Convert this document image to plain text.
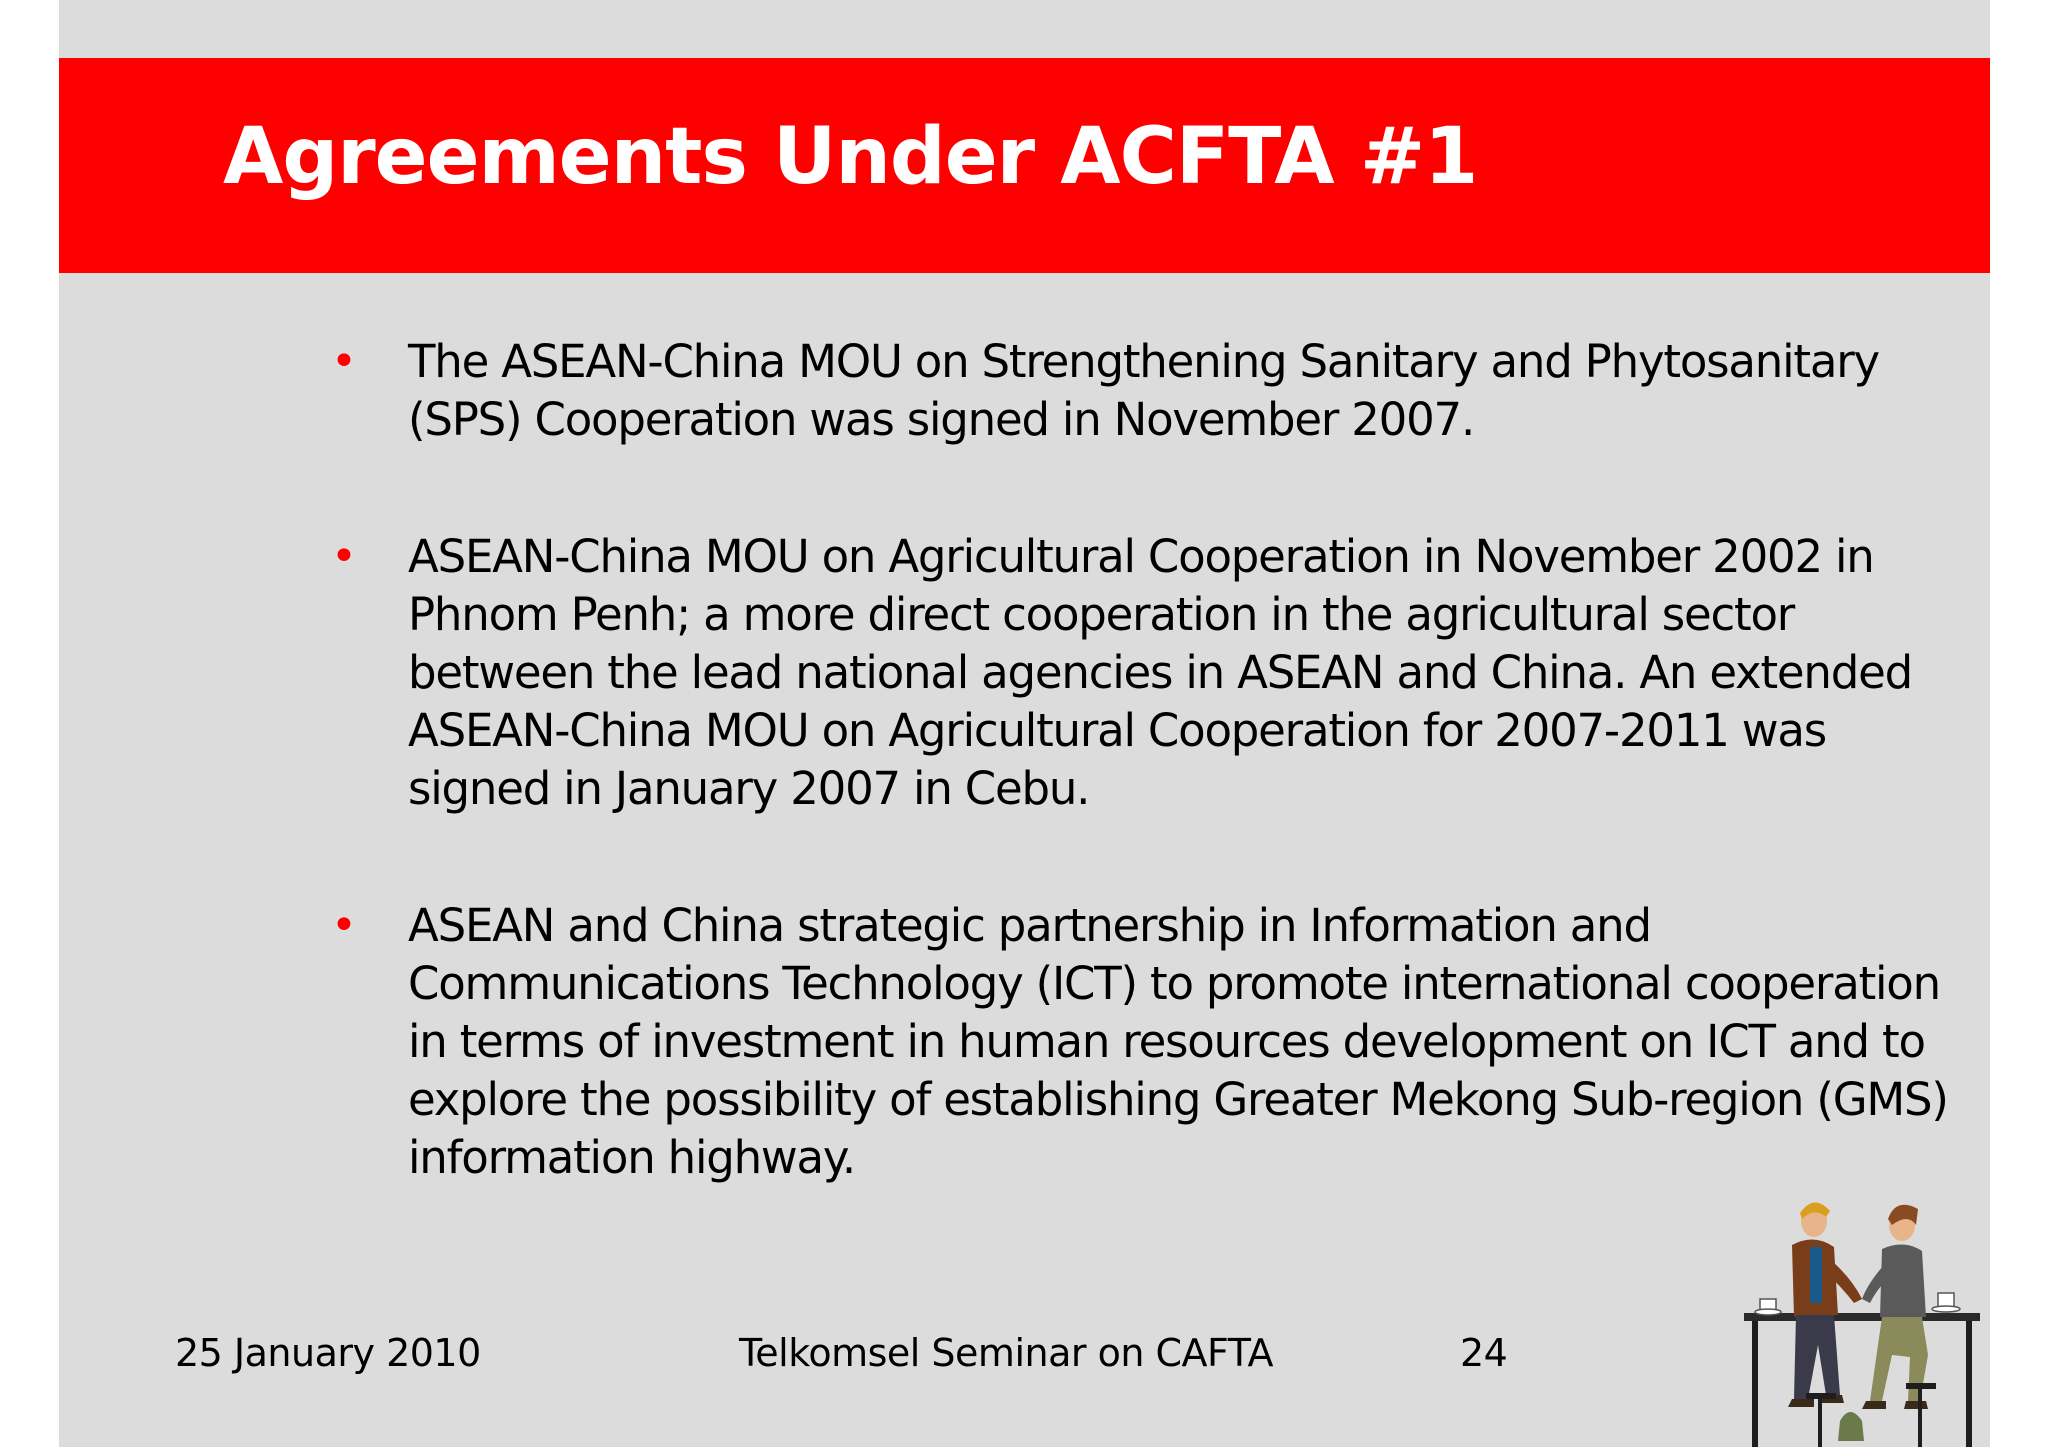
Agreements Under ACFTA #1
• The ASEAN-China MOU on Strengthening Sanitary and Phytosanitary (SPS) Cooperation was signed in November 2007.
• ASEAN-China MOU on Agricultural Cooperation in November 2002 in Phnom Penh; a more direct cooperation in the agricultural sector between the lead national agencies in ASEAN and China. An extended ASEAN-China MOU on Agricultural Cooperation for 2007-2011 was signed in January 2007 in Cebu.
• ASEAN and China strategic partnership in Information and Communications Technology (ICT) to promote international cooperation in terms of investment in human resources development on ICT and to explore the possibility of establishing Greater Mekong Sub-region (GMS) information highway.
25 January 2010	Telkomsel Seminar on CAFTA	24
